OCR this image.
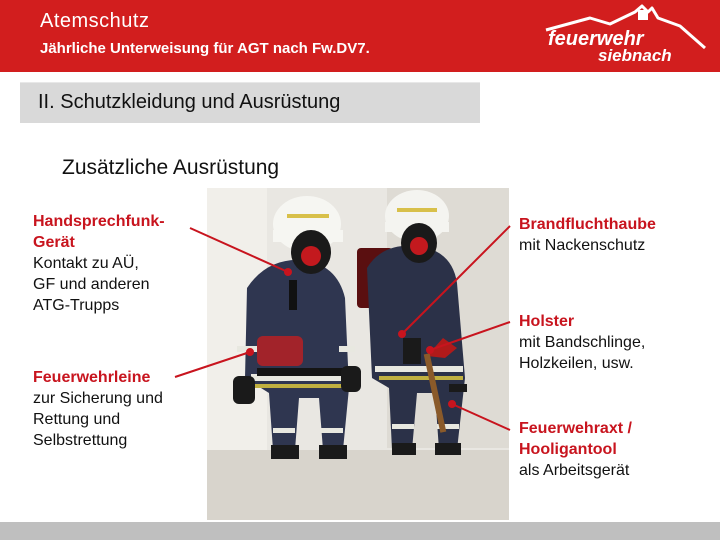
Atemschutz
Jährliche Unterweisung für AGT nach Fw.DV7.	feuerwehr
siebnach
II. Schutzkleidung und Ausrüstung
Zusätzliche Ausrüstung
Handsprechfunk-
Gerät
Kontakt zu AÜ,
GF und anderen
ATG-Trupps
Feuerwehrleine
zur Sicherung und
Rettung und
Selbstrettung
Brandfluchthaube
mit Nackenschutz
Holster
mit Bandschlinge,
Holzkeilen, usw.
Feuerwehraxt /
Hooligantool
als Arbeitsgerät
